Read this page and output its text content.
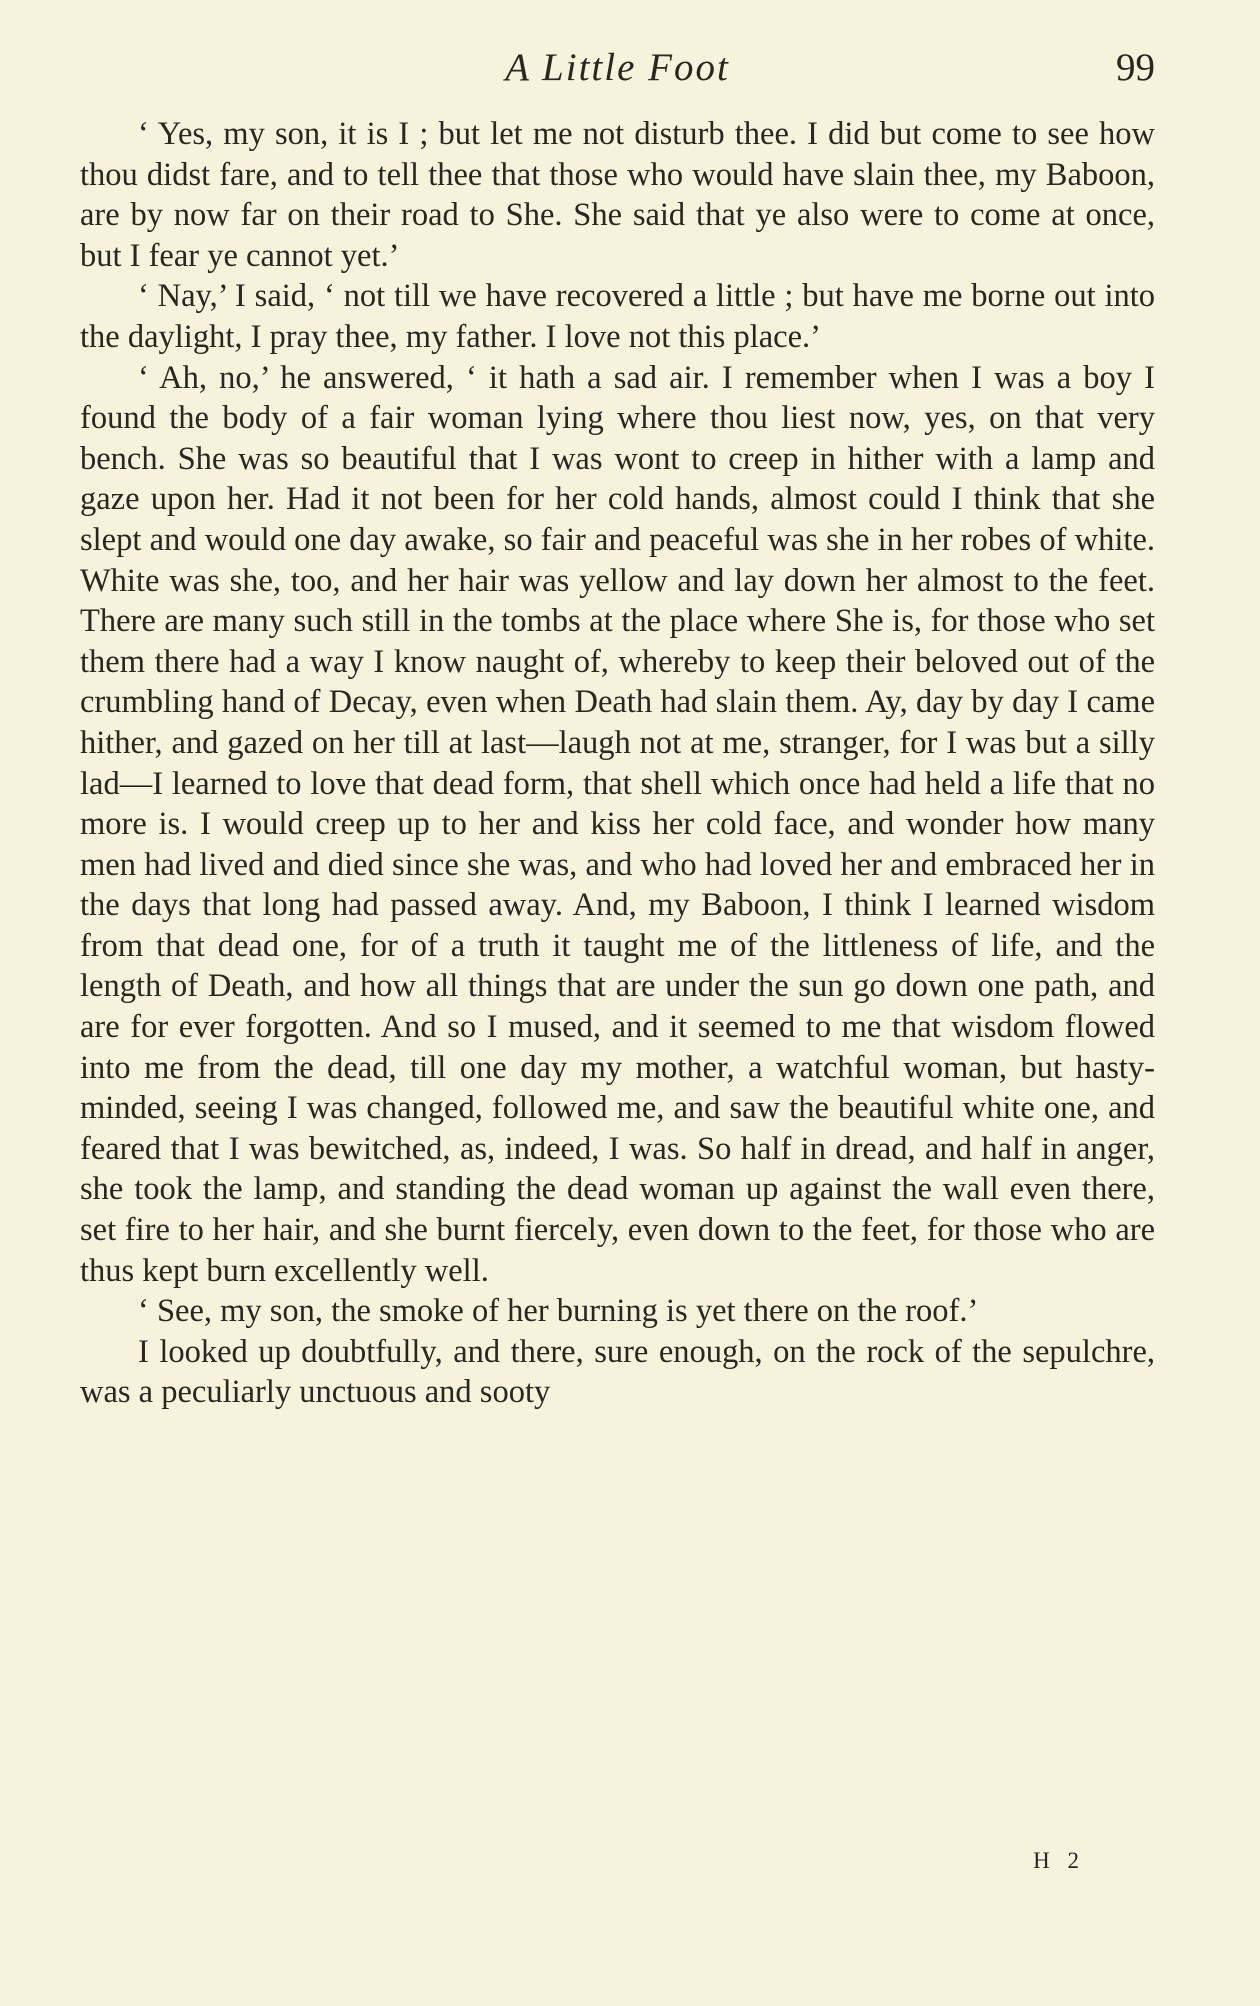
A Little Foot	99

‘ Yes, my son, it is I ; but let me not disturb thee. I did but come to see how thou didst fare, and to tell thee that those who would have slain thee, my Baboon, are by now far on their road to She. She said that ye also were to come at once, but I fear ye cannot yet.’

‘ Nay,’ I said, ‘ not till we have recovered a little ; but have me borne out into the daylight, I pray thee, my father. I love not this place.’

‘ Ah, no,’ he answered, ‘ it hath a sad air. I remember when I was a boy I found the body of a fair woman lying where thou liest now, yes, on that very bench. She was so beautiful that I was wont to creep in hither with a lamp and gaze upon her. Had it not been for her cold hands, almost could I think that she slept and would one day awake, so fair and peaceful was she in her robes of white. White was she, too, and her hair was yellow and lay down her almost to the feet. There are many such still in the tombs at the place where She is, for those who set them there had a way I know naught of, whereby to keep their beloved out of the crumbling hand of Decay, even when Death had slain them. Ay, day by day I came hither, and gazed on her till at last—laugh not at me, stranger, for I was but a silly lad—I learned to love that dead form, that shell which once had held a life that no more is. I would creep up to her and kiss her cold face, and wonder how many men had lived and died since she was, and who had loved her and embraced her in the days that long had passed away. And, my Baboon, I think I learned wisdom from that dead one, for of a truth it taught me of the littleness of life, and the length of Death, and how all things that are under the sun go down one path, and are for ever forgotten. And so I mused, and it seemed to me that wisdom flowed into me from the dead, till one day my mother, a watchful woman, but hasty-minded, seeing I was changed, followed me, and saw the beautiful white one, and feared that I was bewitched, as, indeed, I was. So half in dread, and half in anger, she took the lamp, and standing the dead woman up against the wall even there, set fire to her hair, and she burnt fiercely, even down to the feet, for those who are thus kept burn excellently well.

‘ See, my son, the smoke of her burning is yet there on the roof.’

I looked up doubtfully, and there, sure enough, on the rock of the sepulchre, was a peculiarly unctuous and sooty

H 2
